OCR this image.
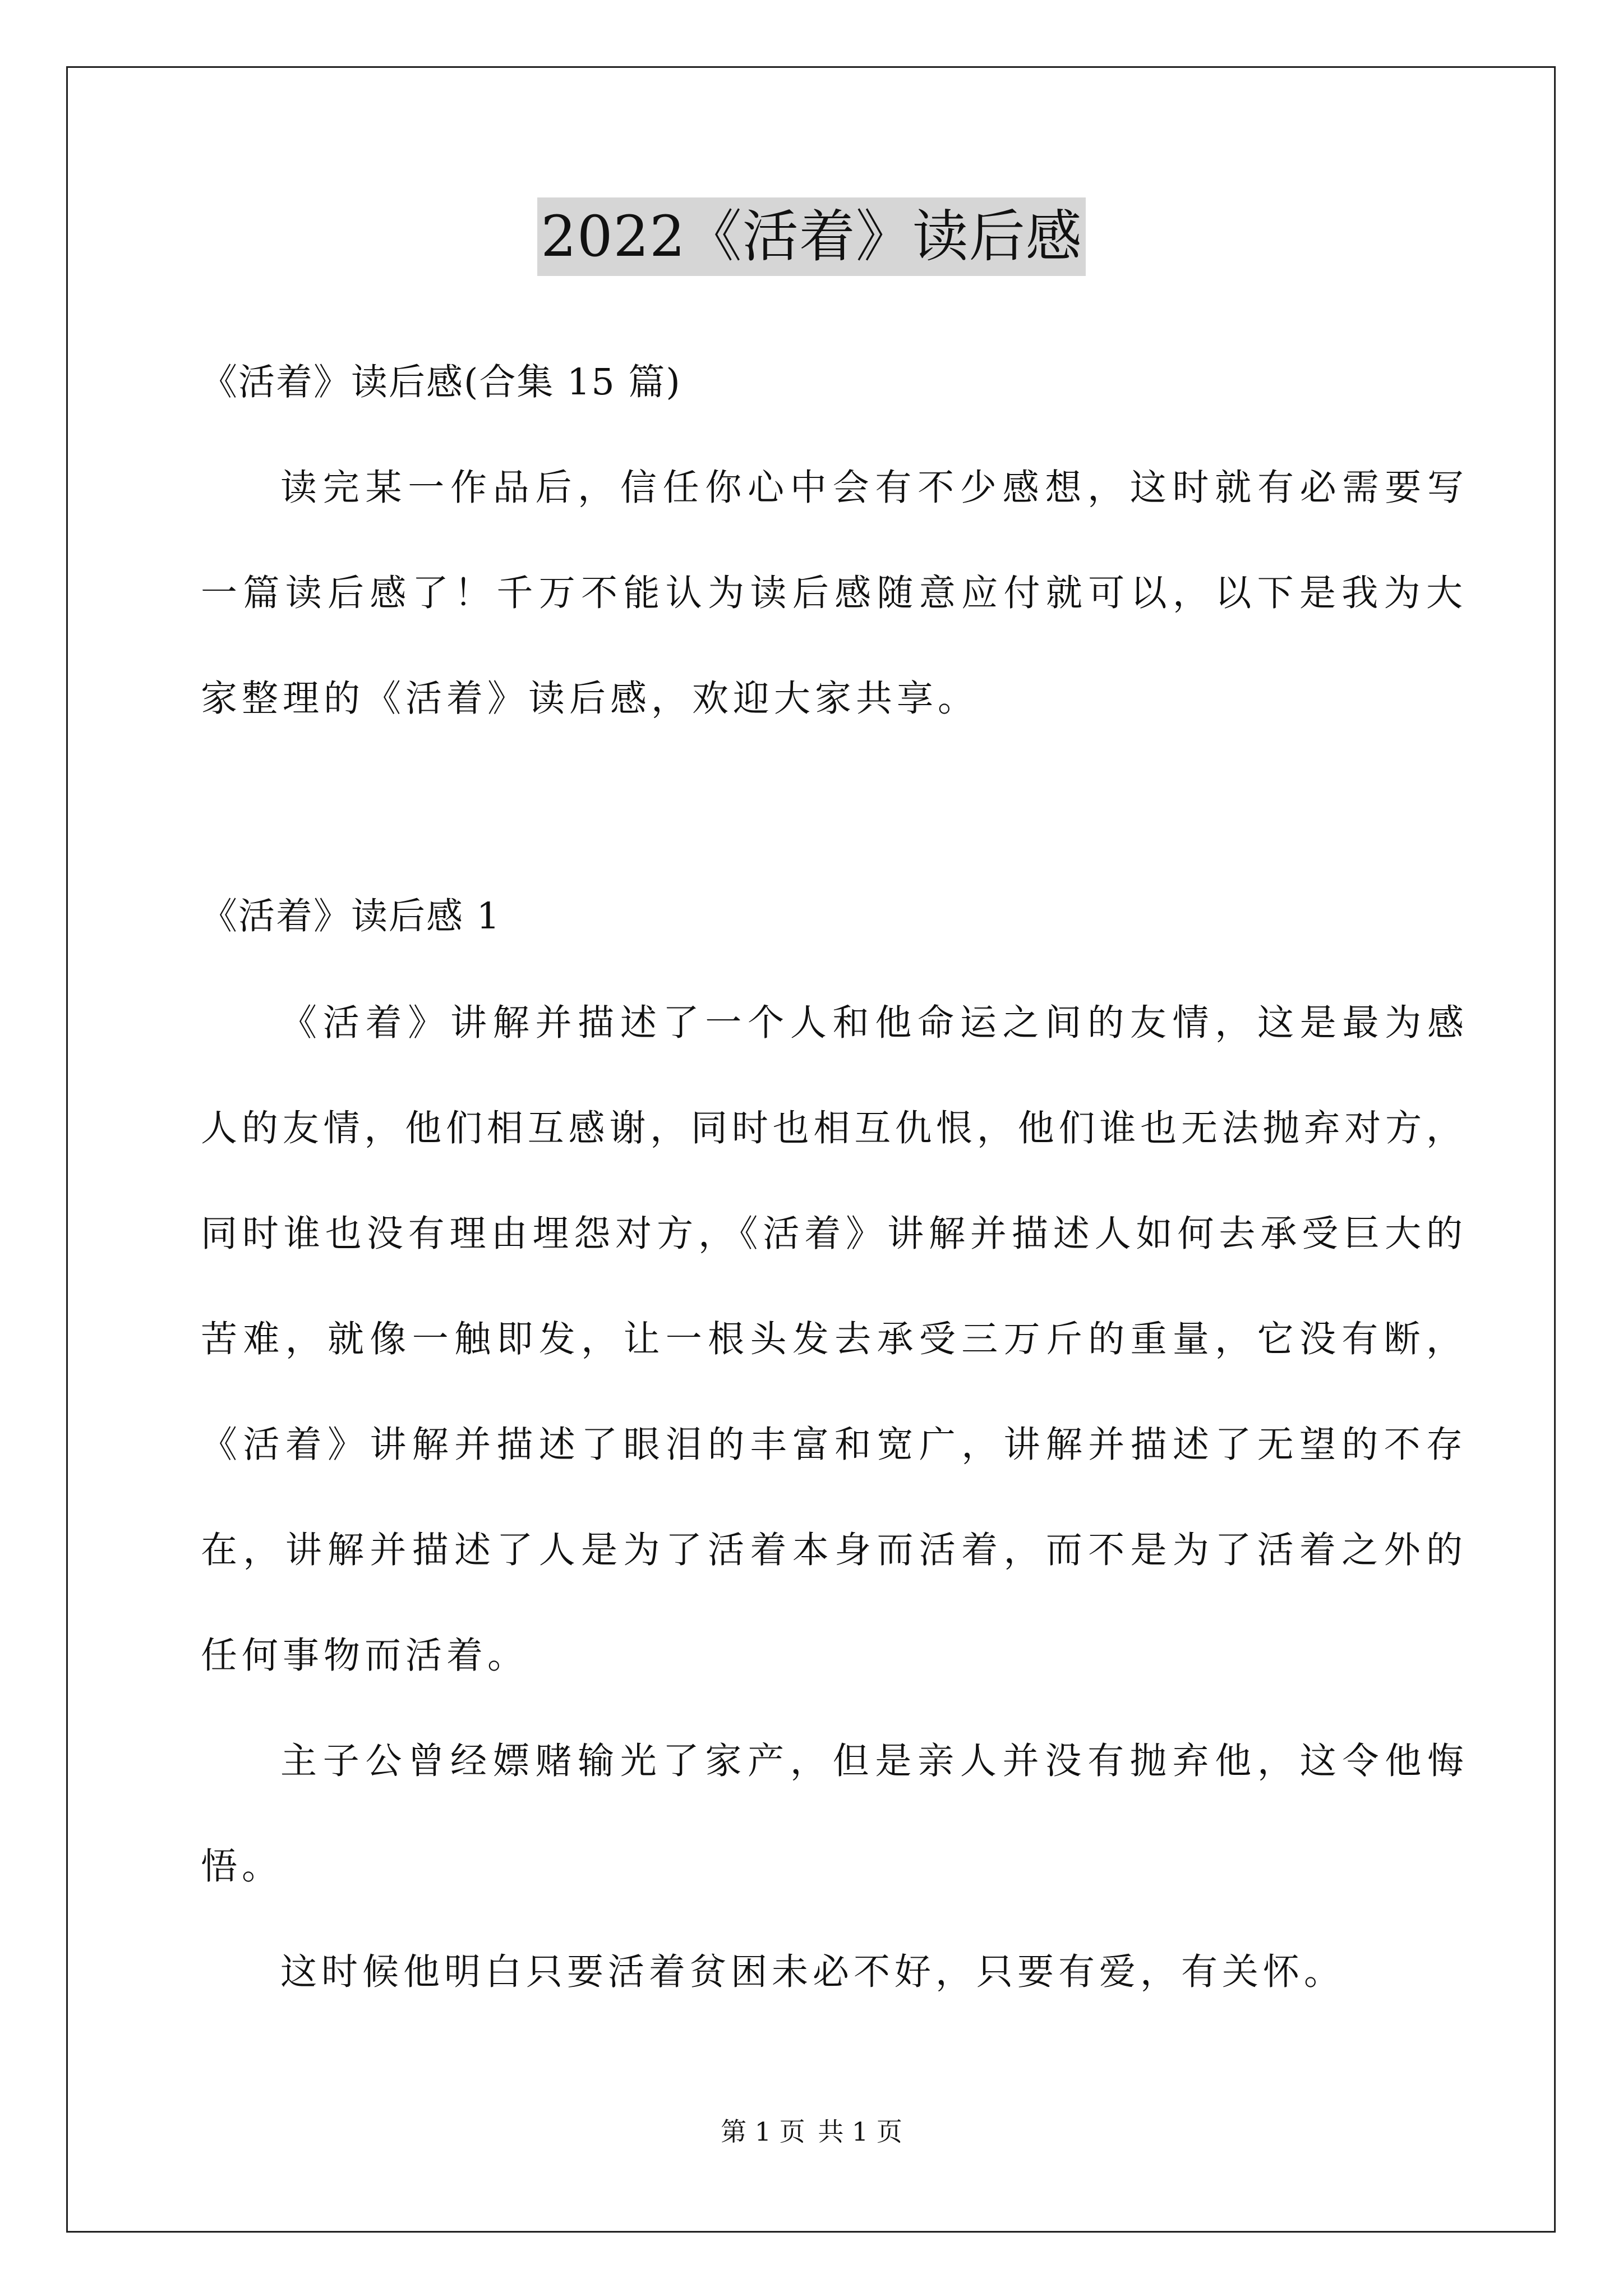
2022《活着》读后感
《活着》读后感(合集 15 篇)
读完某一作品后，信任你心中会有不少感想，这时就有必需要写
一篇读后感了！千万不能认为读后感随意应付就可以，以下是我为大
家整理的《活着》读后感，欢迎大家共享。
《活着》读后感 1
《活着》讲解并描述了一个人和他命运之间的友情，这是最为感
人的友情，他们相互感谢，同时也相互仇恨，他们谁也无法抛弃对方，
同时谁也没有理由埋怨对方，《活着》讲解并描述人如何去承受巨大的
苦难，就像一触即发，让一根头发去承受三万斤的重量，它没有断，
《活着》讲解并描述了眼泪的丰富和宽广，讲解并描述了无望的不存
在，讲解并描述了人是为了活着本身而活着，而不是为了活着之外的
任何事物而活着。
主子公曾经嫖赌输光了家产，但是亲人并没有抛弃他，这令他悔
悟。
这时候他明白只要活着贫困未必不好，只要有爱，有关怀。
第 1 页 共 1 页
